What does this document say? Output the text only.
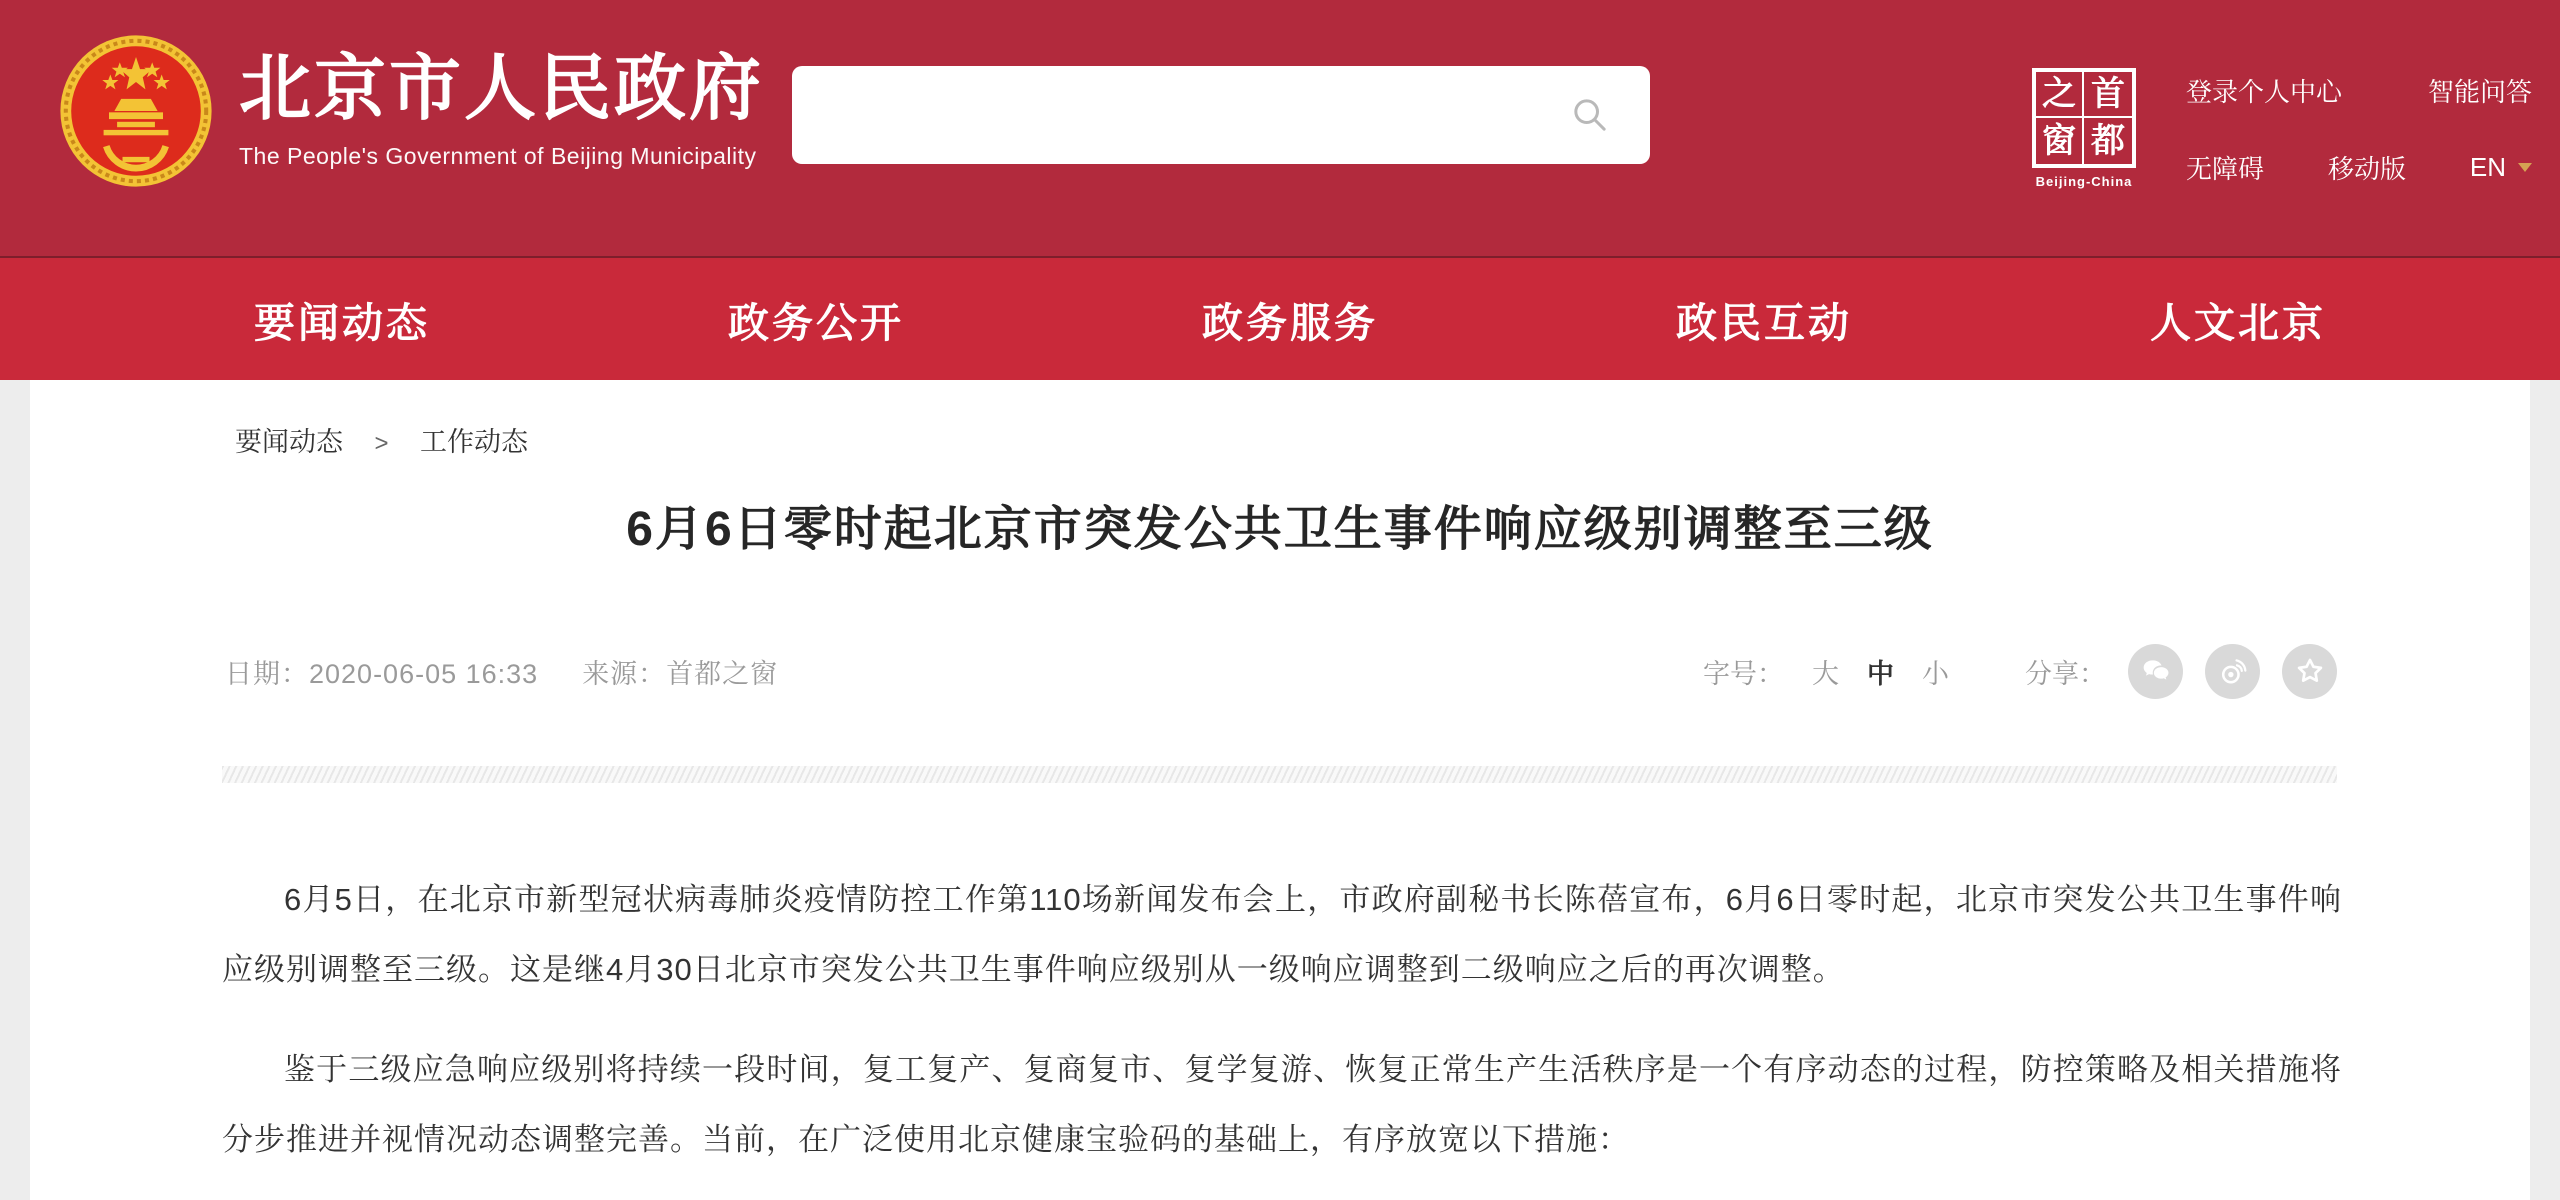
北京市人民政府
The People's Government of Beijing Municipality
之 首
窗 都
Beijing-China
登录个人中心	智能问答
无障碍 移动版 EN
要闻动态	政务公开	政务服务	政民互动	人文北京
要闻动态 > 工作动态
6月6日零时起北京市突发公共卫生事件响应级别调整至三级
日期：2020-06-05 16:33 来源：首都之窗	字号： 大 中 小	分享：

6月5日，在北京市新型冠状病毒肺炎疫情防控工作第110场新闻发布会上，市政府副秘书长陈蓓宣布，6月6日零时起，北京市突发公共卫生事件响应级别调整至三级。这是继4月30日北京市突发公共卫生事件响应级别从一级响应调整到二级响应之后的再次调整。

鉴于三级应急响应级别将持续一段时间，复工复产、复商复市、复学复游、恢复正常生产生活秩序是一个有序动态的过程，防控策略及相关措施将分步推进并视情况动态调整完善。当前，在广泛使用北京健康宝验码的基础上，有序放宽以下措施：
